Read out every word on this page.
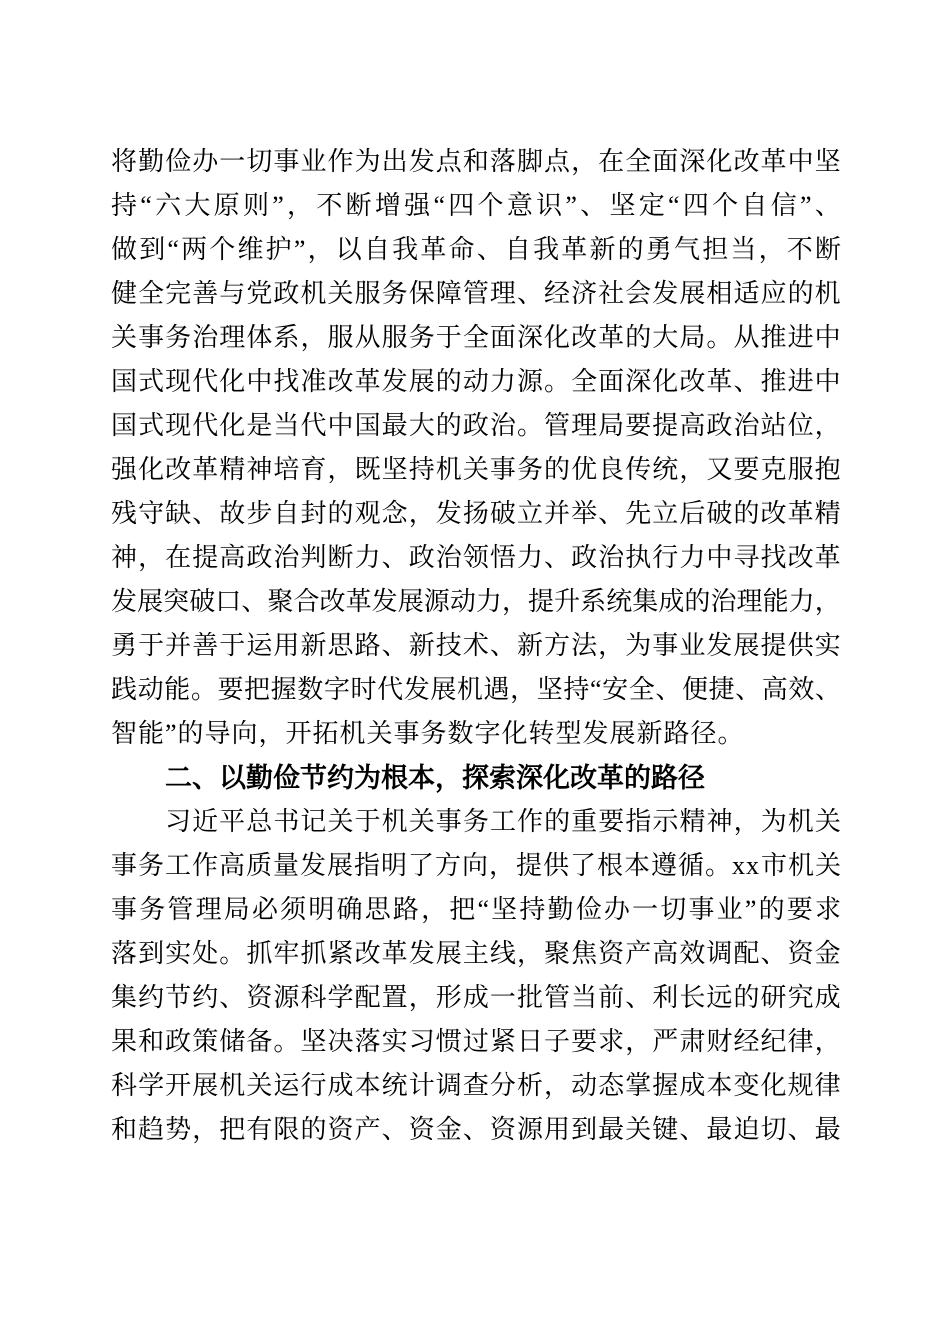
将 勤 俭 办 一 切 事 业 作 为 出 发 点 和 落 脚 点 ， 在 全 面 深 化 改 革 中 坚
持 “ 六 大 原 则 ” ， 不 断 增 强 “ 四 个 意 识 ” 、 坚 定 “ 四 个 自 信 ” 、
做 到 “ 两 个 维 护 ” ， 以 自 我 革 命 、 自 我 革 新 的 勇 气 担 当 ， 不 断
健 全 完 善 与 党 政 机 关 服 务 保 障 管 理 、 经 济 社 会 发 展 相 适 应 的 机
关 事 务 治 理 体 系 ， 服 从 服 务 于 全 面 深 化 改 革 的 大 局 。 从 推 进 中
国 式 现 代 化 中 找 准 改 革 发 展 的 动 力 源 。 全 面 深 化 改 革 、 推 进 中
国 式 现 代 化 是 当 代 中 国 最 大 的 政 治 。 管 理 局 要 提 高 政 治 站 位 ，
强 化 改 革 精 神 培 育 ， 既 坚 持 机 关 事 务 的 优 良 传 统 ， 又 要 克 服 抱
残 守 缺 、 故 步 自 封 的 观 念 ， 发 扬 破 立 并 举 、 先 立 后 破 的 改 革 精
神 ， 在 提 高 政 治 判 断 力 、 政 治 领 悟 力 、 政 治 执 行 力 中 寻 找 改 革
发 展 突 破 口 、 聚 合 改 革 发 展 源 动 力 ， 提 升 系 统 集 成 的 治 理 能 力 ，
勇 于 并 善 于 运 用 新 思 路 、 新 技 术 、 新 方 法 ， 为 事 业 发 展 提 供 实
践 动 能 。 要 把 握 数 字 时 代 发 展 机 遇 ， 坚 持 “ 安 全 、 便 捷 、 高 效 、
智能”的导向，开拓机关事务数字化转型发展新路径。
二、以勤俭节约为根本，探索深化改革的路径
习 近 平 总 书 记 关 于 机 关 事 务 工 作 的 重 要 指 示 精 神 ， 为 机 关
事 务 工 作 高 质 量 发 展 指 明 了 方 向 ， 提 供 了 根 本 遵 循 。 x x 市 机 关
事 务 管 理 局 必 须 明 确 思 路 ， 把 “ 坚 持 勤 俭 办 一 切 事 业 ” 的 要 求
落 到 实 处 。 抓 牢 抓 紧 改 革 发 展 主 线 ， 聚 焦 资 产 高 效 调 配 、 资 金
集 约 节 约 、 资 源 科 学 配 置 ， 形 成 一 批 管 当 前 、 利 长 远 的 研 究 成
果 和 政 策 储 备 。 坚 决 落 实 习 惯 过 紧 日 子 要 求 ， 严 肃 财 经 纪 律 ，
科 学 开 展 机 关 运 行 成 本 统 计 调 查 分 析 ， 动 态 掌 握 成 本 变 化 规 律
和 趋 势 ， 把 有 限 的 资 产 、 资 金 、 资 源 用 到 最 关 键 、 最 迫 切 、 最
